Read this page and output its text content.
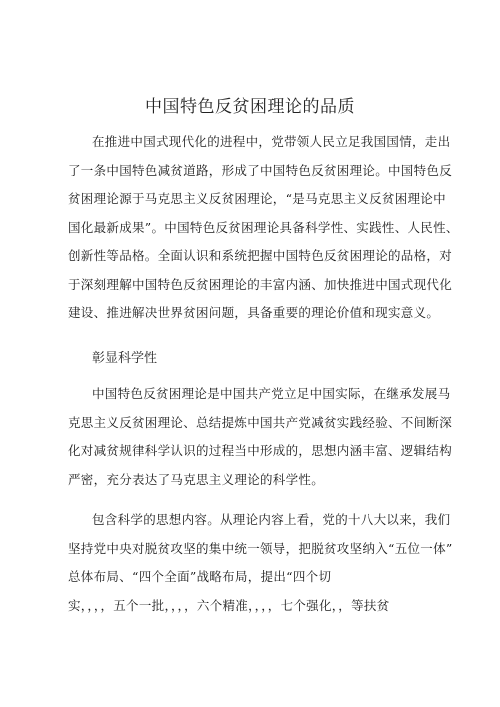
中国特色反贫困理论的品质

在推进中国式现代化的进程中，党带领人民立足我国国情，走出
了一条中国特色减贫道路，形成了中国特色反贫困理论。中国特色反
贫困理论源于马克思主义反贫困理论，“是马克思主义反贫困理论中
国化最新成果”。中国特色反贫困理论具备科学性、实践性、人民性、
创新性等品格。全面认识和系统把握中国特色反贫困理论的品格，对
于深刻理解中国特色反贫困理论的丰富内涵、加快推进中国式现代化
建设、推进解决世界贫困问题，具备重要的理论价值和现实意义。

彰显科学性

中国特色反贫困理论是中国共产党立足中国实际，在继承发展马
克思主义反贫困理论、总结提炼中国共产党减贫实践经验、不间断深
化对减贫规律科学认识的过程当中形成的，思想内涵丰富、逻辑结构
严密，充分表达了马克思主义理论的科学性。

包含科学的思想内容。从理论内容上看，党的十八大以来，我们
坚持党中央对脱贫攻坚的集中统一领导，把脱贫攻坚纳入“五位一体”
总体布局、“四个全面”战略布局，提出“四个切
实，，，，五个一批，，，，六个精准，，，，七个强化，，等扶贫
